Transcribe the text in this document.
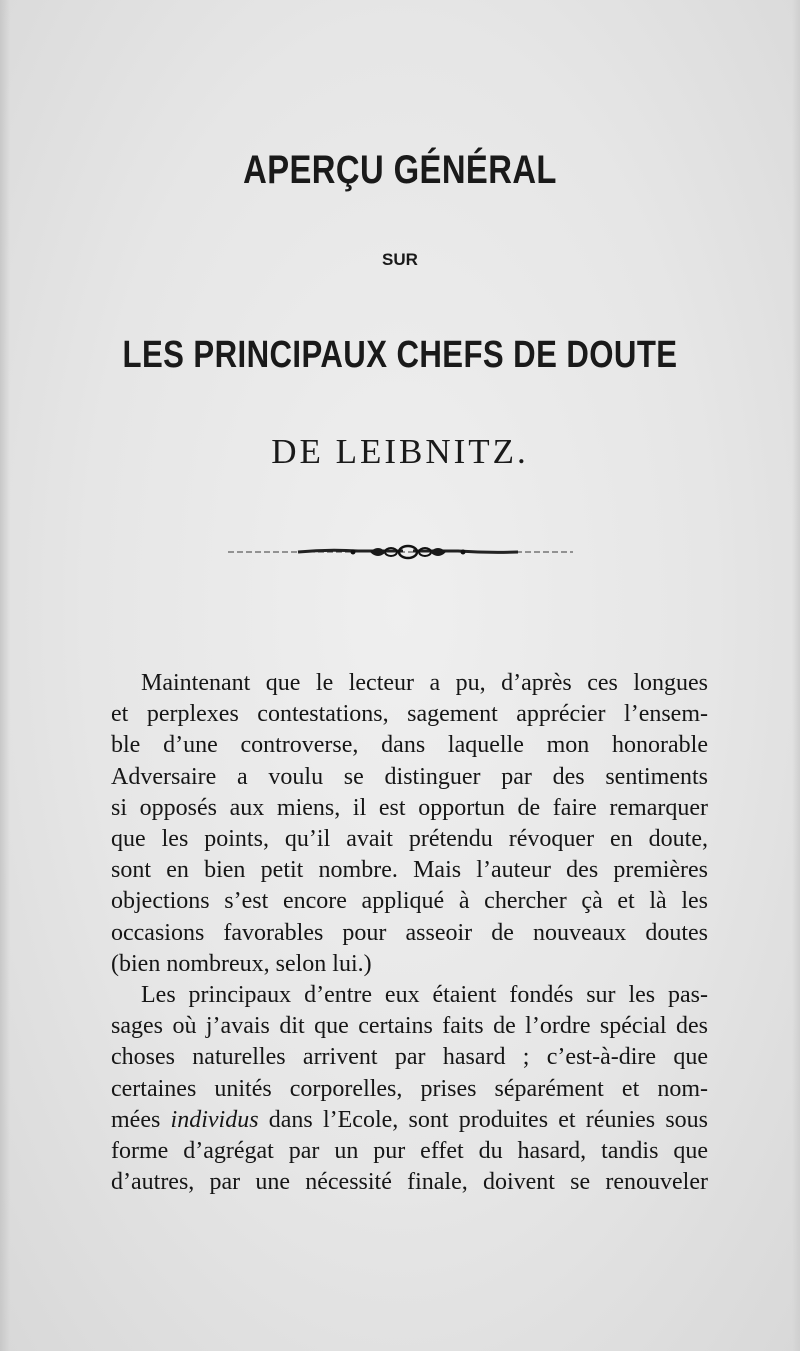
APERÇU GÉNÉRAL
SUR
LES PRINCIPAUX CHEFS DE DOUTE
DE LEIBNITZ.
Maintenant que le lecteur a pu, d’après ces longues
et perplexes contestations, sagement apprécier l’ensem-
ble d’une controverse, dans laquelle mon honorable
Adversaire a voulu se distinguer par des sentiments
si opposés aux miens, il est opportun de faire remarquer
que les points, qu’il avait prétendu révoquer en doute,
sont en bien petit nombre. Mais l’auteur des premières
objections s’est encore appliqué à chercher çà et là les
occasions favorables pour asseoir de nouveaux doutes
(bien nombreux, selon lui.)
Les principaux d’entre eux étaient fondés sur les pas-
sages où j’avais dit que certains faits de l’ordre spécial des
choses naturelles arrivent par hasard ; c’est-à-dire que
certaines unités corporelles, prises séparément et nom-
mées individus dans l’Ecole, sont produites et réunies sous
forme d’agrégat par un pur effet du hasard, tandis que
d’autres, par une nécessité finale, doivent se renouveler
